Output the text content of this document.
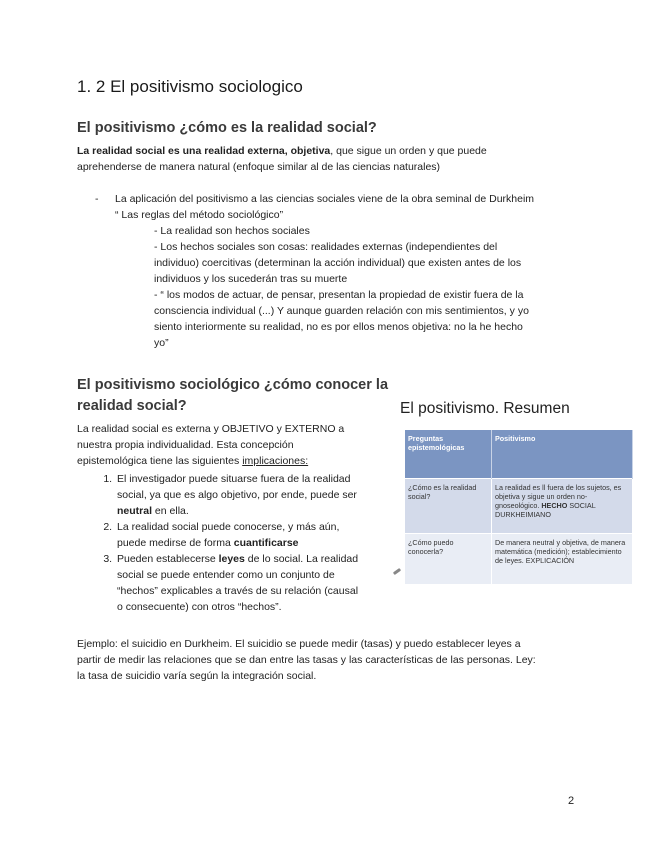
1. 2 El positivismo sociologico
El positivismo ¿cómo es la realidad social?
La realidad social es una realidad externa, objetiva, que sigue un orden y que puede
aprehenderse de manera natural (enfoque similar al de las ciencias naturales)
- La aplicación del positivismo a las ciencias sociales viene de la obra seminal de Durkheim
“ Las reglas del método sociológico”
- La realidad son hechos sociales
- Los hechos sociales son cosas: realidades externas (independientes del
individuo) coercitivas (determinan la acción individual) que existen antes de los
individuos y los sucederán tras su muerte
- “ los modos de actuar, de pensar, presentan la propiedad de existir fuera de la
consciencia individual (...) Y aunque guarden relación con mis sentimientos, y yo
siento interiormente su realidad, no es por ellos menos objetiva: no la he hecho
yo”
El positivismo sociológico ¿cómo conocer la
realidad social?
La realidad social es externa y OBJETIVO y EXTERNO a
nuestra propia individualidad. Esta concepción
epistemológica tiene las siguientes implicaciones:
1. El investigador puede situarse fuera de la realidad
social, ya que es algo objetivo, por ende, puede ser
neutral en ella.
2. La realidad social puede conocerse, y más aún,
puede medirse de forma cuantificarse
3. Pueden establecerse leyes de lo social. La realidad
social se puede entender como un conjunto de
“hechos” explicables a través de su relación (causal
o consecuente) con otros “hechos”.
El positivismo. Resumen
Preguntas epistemológicas	Positivismo
¿Cómo es la realidad social?	La realidad es ll fuera de los sujetos, es objetiva y sigue un orden no-gnoseológico. HECHO SOCIAL DURKHEIMIANO
¿Cómo puedo conocerla?	De manera neutral y objetiva, de manera matemática (medición); establecimiento de leyes. EXPLICACIÓN
Ejemplo: el suicidio en Durkheim. El suicidio se puede medir (tasas) y puedo establecer leyes a
partir de medir las relaciones que se dan entre las tasas y las características de las personas. Ley:
la tasa de suicidio varía según la integración social.
2
